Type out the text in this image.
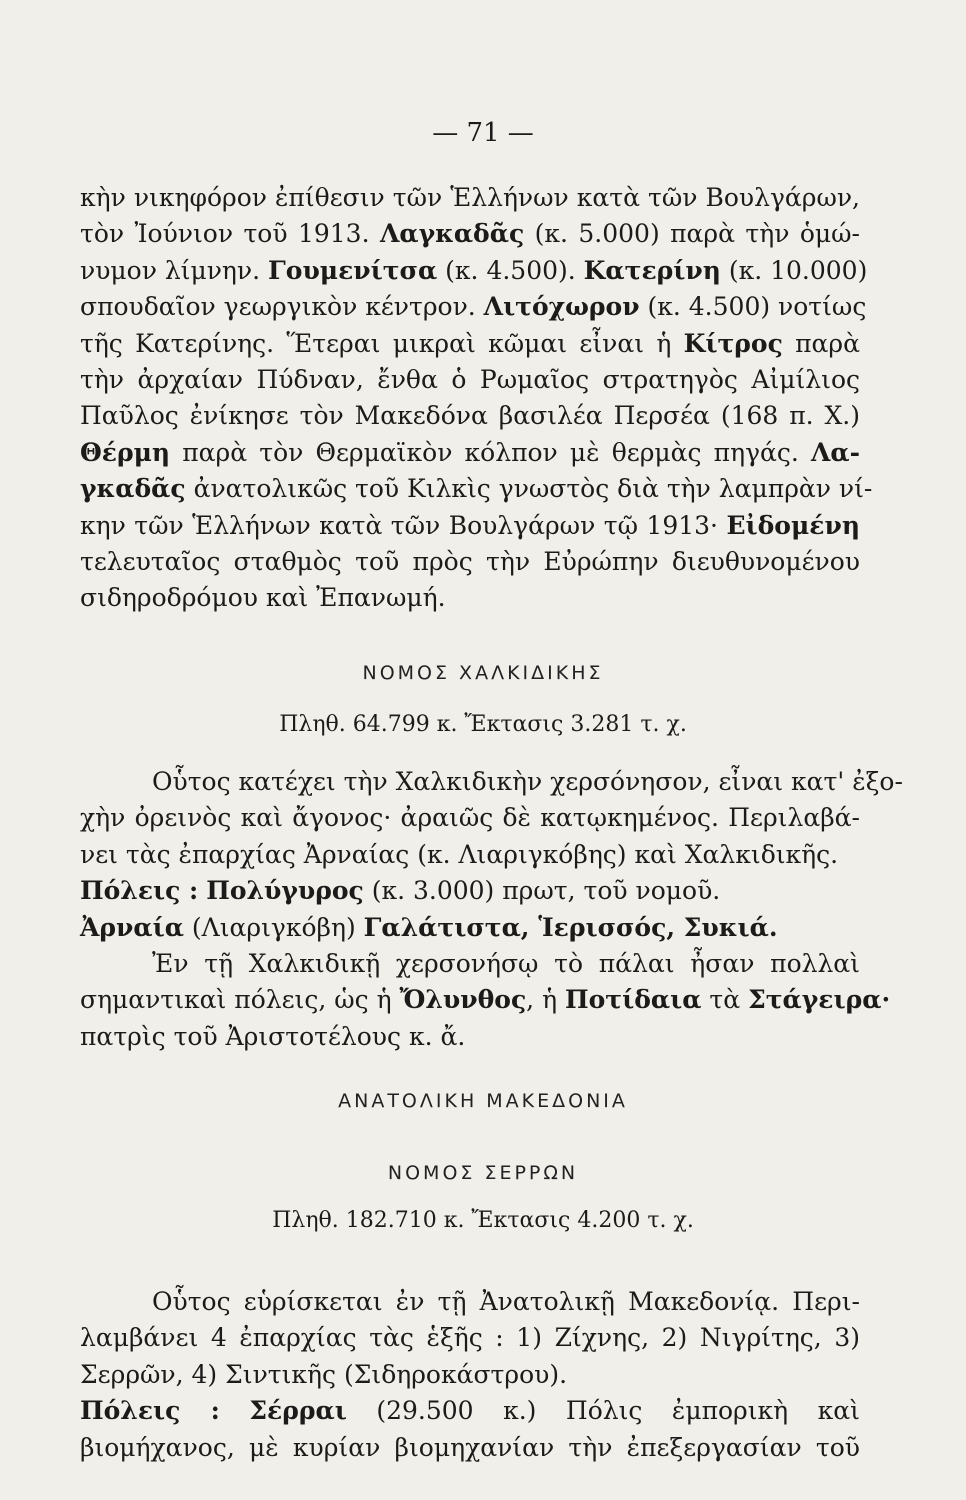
— 71 —
κὴν νικηφόρον ἐπίθεσιν τῶν Ἑλλήνων κατὰ τῶν Βουλγάρων,
τὸν Ἰούνιον τοῦ 1913. Λαγκαδᾶς (κ. 5.000) παρὰ τὴν ὁμώ-
νυμον λίμνην. Γουμενίτσα (κ. 4.500). Κατερίνη (κ. 10.000)
σπουδαῖον γεωργικὸν κέντρον. Λιτόχωρον (κ. 4.500) νοτίως
τῆς Κατερίνης. Ἕτεραι μικραὶ κῶμαι εἶναι ἡ Κίτρος παρὰ
τὴν ἀρχαίαν Πύδναν, ἔνθα ὁ Ρωμαῖος στρατηγὸς Αἰμίλιος
Παῦλος ἐνίκησε τὸν Μακεδόνα βασιλέα Περσέα (168 π. Χ.)
Θέρμη παρὰ τὸν Θερμαϊκὸν κόλπον μὲ θερμὰς πηγάς. Λα-
γκαδᾶς ἀνατολικῶς τοῦ Κιλκὶς γνωστὸς διὰ τὴν λαμπρὰν νί-
κην τῶν Ἑλλήνων κατὰ τῶν Βουλγάρων τῷ 1913· Εἰδομένη
τελευταῖος σταθμὸς τοῦ πρὸς τὴν Εὐρώπην διευθυνομένου
σιδηροδρόμου καὶ Ἐπανωμή.
ΝΟΜΟΣ ΧΑΛΚΙΔΙΚΗΣ
Πληθ. 64.799 κ. Ἔκτασις 3.281 τ. χ.
Οὗτος κατέχει τὴν Χαλκιδικὴν χερσόνησον, εἶναι κατ' ἐξο-
χὴν ὀρεινὸς καὶ ἄγονος· ἀραιῶς δὲ κατῳκημένος. Περιλαβά-
νει τὰς ἐπαρχίας Ἀρναίας (κ. Λιαριγκόβης) καὶ Χαλκιδικῆς.
Πόλεις : Πολύγυρος (κ. 3.000) πρωτ, τοῦ νομοῦ.
Ἀρναία (Λιαριγκόβη) Γαλάτιστα, Ἱερισσός, Συκιά.
Ἐν τῇ Χαλκιδικῇ χερσονήσῳ τὸ πάλαι ἦσαν πολλαὶ
σημαντικαὶ πόλεις, ὡς ἡ Ὄλυνθος, ἡ Ποτίδαια τὰ Στάγειρα·
πατρὶς τοῦ Ἀριστοτέλους κ. ἄ.
ΑΝΑΤΟΛΙΚΗ ΜΑΚΕΔΟΝΙΑ
ΝΟΜΟΣ ΣΕΡΡΩΝ
Πληθ. 182.710 κ. Ἔκτασις 4.200 τ. χ.
Οὗτος εὑρίσκεται ἐν τῇ Ἀνατολικῇ Μακεδονίᾳ. Περι-
λαμβάνει 4 ἐπαρχίας τὰς ἑξῆς : 1) Ζίχνης, 2) Νιγρίτης, 3)
Σερρῶν, 4) Σιντικῆς (Σιδηροκάστρου).
Πόλεις : Σέρραι (29.500 κ.) Πόλις ἐμπορικὴ καὶ
βιομήχανος, μὲ κυρίαν βιομηχανίαν τὴν ἐπεξεργασίαν τοῦ
